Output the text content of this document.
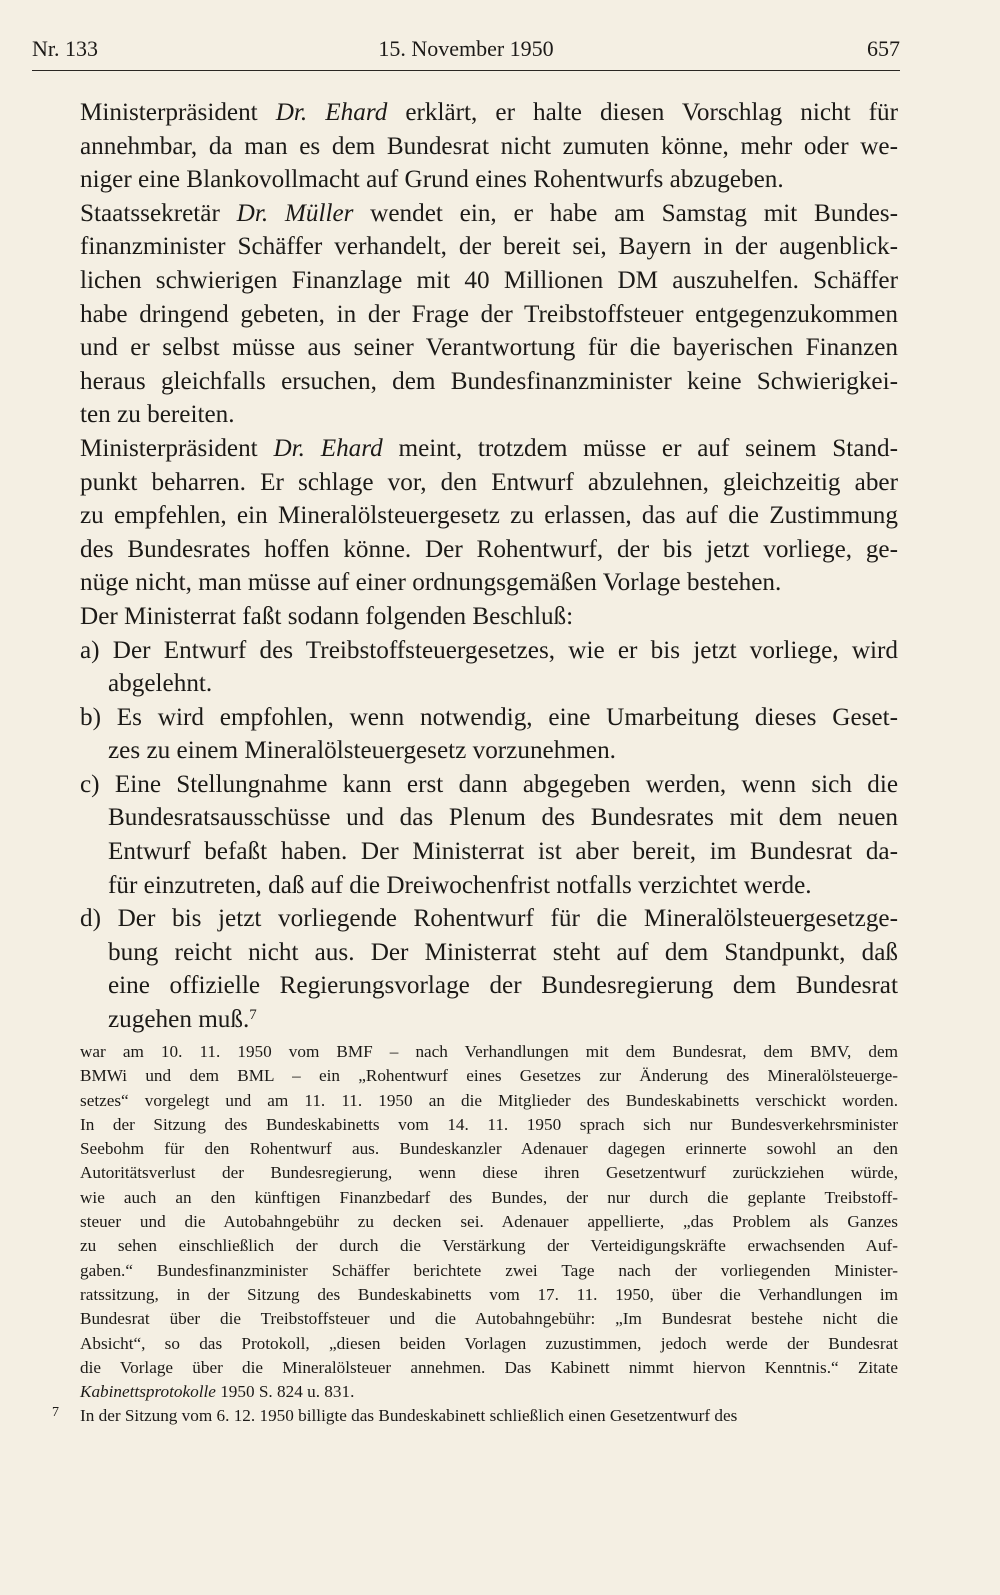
Nr. 133	15. November 1950	657
Ministerpräsident Dr. Ehard erklärt, er halte diesen Vorschlag nicht für
annehmbar, da man es dem Bundesrat nicht zumuten könne, mehr oder we-
niger eine Blankovollmacht auf Grund eines Rohentwurfs abzugeben.
Staatssekretär Dr. Müller wendet ein, er habe am Samstag mit Bundes-
finanzminister Schäffer verhandelt, der bereit sei, Bayern in der augenblick-
lichen schwierigen Finanzlage mit 40 Millionen DM auszuhelfen. Schäffer
habe dringend gebeten, in der Frage der Treibstoffsteuer entgegenzukommen
und er selbst müsse aus seiner Verantwortung für die bayerischen Finanzen
heraus gleichfalls ersuchen, dem Bundesfinanzminister keine Schwierigkei-
ten zu bereiten.
Ministerpräsident Dr. Ehard meint, trotzdem müsse er auf seinem Stand-
punkt beharren. Er schlage vor, den Entwurf abzulehnen, gleichzeitig aber
zu empfehlen, ein Mineralölsteuergesetz zu erlassen, das auf die Zustimmung
des Bundesrates hoffen könne. Der Rohentwurf, der bis jetzt vorliege, ge-
nüge nicht, man müsse auf einer ordnungsgemäßen Vorlage bestehen.
Der Ministerrat faßt sodann folgenden Beschluß:
a) Der Entwurf des Treibstoffsteuergesetzes, wie er bis jetzt vorliege, wird
abgelehnt.
b) Es wird empfohlen, wenn notwendig, eine Umarbeitung dieses Geset-
zes zu einem Mineralölsteuergesetz vorzunehmen.
c) Eine Stellungnahme kann erst dann abgegeben werden, wenn sich die
Bundesratsausschüsse und das Plenum des Bundesrates mit dem neuen
Entwurf befaßt haben. Der Ministerrat ist aber bereit, im Bundesrat da-
für einzutreten, daß auf die Dreiwochenfrist notfalls verzichtet werde.
d) Der bis jetzt vorliegende Rohentwurf für die Mineralölsteuergesetzge-
bung reicht nicht aus. Der Ministerrat steht auf dem Standpunkt, daß
eine offizielle Regierungsvorlage der Bundesregierung dem Bundesrat
zugehen muß.$^7$
war am 10. 11. 1950 vom BMF – nach Verhandlungen mit dem Bundesrat, dem BMV, dem
BMWi und dem BML – ein „Rohentwurf eines Gesetzes zur Änderung des Mineralölsteuerge-
setzes“ vorgelegt und am 11. 11. 1950 an die Mitglieder des Bundeskabinetts verschickt worden.
In der Sitzung des Bundeskabinetts vom 14. 11. 1950 sprach sich nur Bundesverkehrsminister
Seebohm für den Rohentwurf aus. Bundeskanzler Adenauer dagegen erinnerte sowohl an den
Autoritätsverlust der Bundesregierung, wenn diese ihren Gesetzentwurf zurückziehen würde,
wie auch an den künftigen Finanzbedarf des Bundes, der nur durch die geplante Treibstoff-
steuer und die Autobahngebühr zu decken sei. Adenauer appellierte, „das Problem als Ganzes
zu sehen einschließlich der durch die Verstärkung der Verteidigungskräfte erwachsenden Auf-
gaben.“ Bundesfinanzminister Schäffer berichtete zwei Tage nach der vorliegenden Minister-
ratssitzung, in der Sitzung des Bundeskabinetts vom 17. 11. 1950, über die Verhandlungen im
Bundesrat über die Treibstoffsteuer und die Autobahngebühr: „Im Bundesrat bestehe nicht die
Absicht“, so das Protokoll, „diesen beiden Vorlagen zuzustimmen, jedoch werde der Bundesrat
die Vorlage über die Mineralölsteuer annehmen. Das Kabinett nimmt hiervon Kenntnis.“ Zitate
Kabinettsprotokolle 1950 S. 824 u. 831.
7 In der Sitzung vom 6. 12. 1950 billigte das Bundeskabinett schließlich einen Gesetzentwurf des
